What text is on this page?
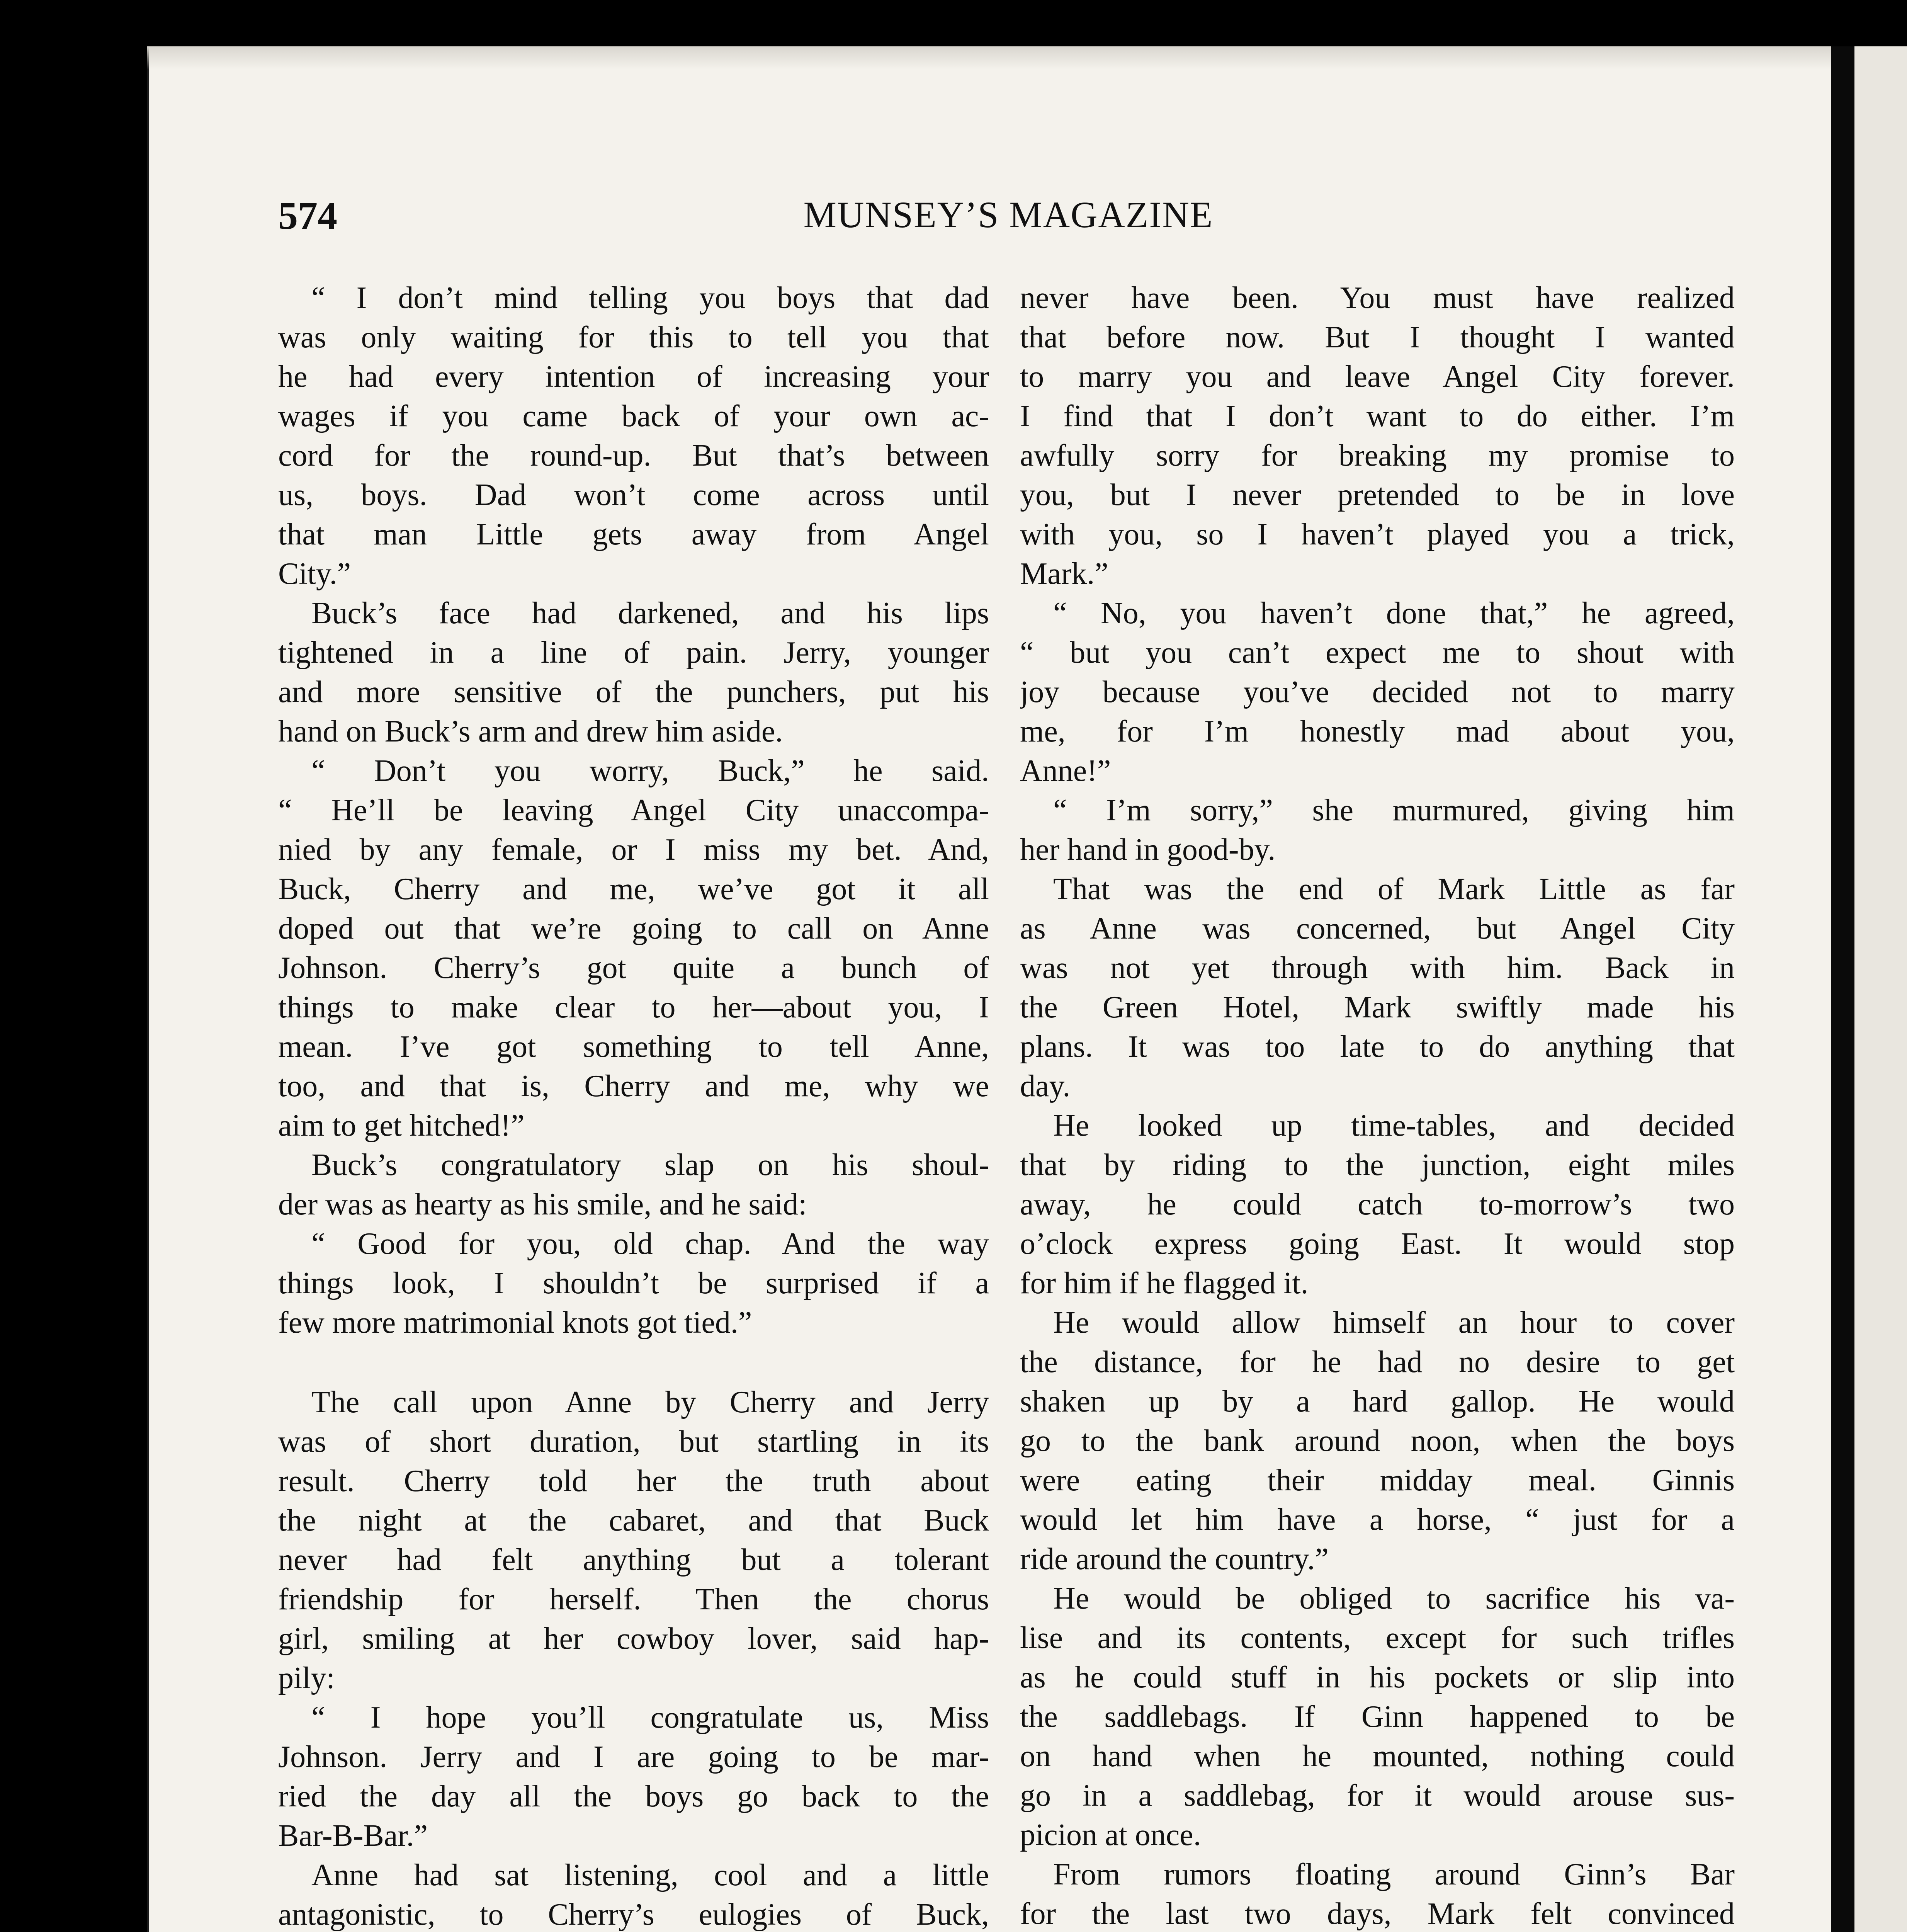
574	MUNSEY’S MAGAZINE
“ I don’t mind telling you boys that dad
was only waiting for this to tell you that
he had every intention of increasing your
wages if you came back of your own ac-
cord for the round-up. But that’s between
us, boys. Dad won’t come across until
that man Little gets away from Angel
City.”
Buck’s face had darkened, and his lips
tightened in a line of pain. Jerry, younger
and more sensitive of the punchers, put his
hand on Buck’s arm and drew him aside.
“ Don’t you worry, Buck,” he said.
“ He’ll be leaving Angel City unaccompa-
nied by any female, or I miss my bet. And,
Buck, Cherry and me, we’ve got it all
doped out that we’re going to call on Anne
Johnson. Cherry’s got quite a bunch of
things to make clear to her—about you, I
mean. I’ve got something to tell Anne,
too, and that is, Cherry and me, why we
aim to get hitched!”
Buck’s congratulatory slap on his shoul-
der was as hearty as his smile, and he said:
“ Good for you, old chap. And the way
things look, I shouldn’t be surprised if a
few more matrimonial knots got tied.”
The call upon Anne by Cherry and Jerry
was of short duration, but startling in its
result. Cherry told her the truth about
the night at the cabaret, and that Buck
never had felt anything but a tolerant
friendship for herself. Then the chorus
girl, smiling at her cowboy lover, said hap-
pily:
“ I hope you’ll congratulate us, Miss
Johnson. Jerry and I are going to be mar-
ried the day all the boys go back to the
Bar-B-Bar.”
Anne had sat listening, cool and a little
antagonistic, to Cherry’s eulogies of Buck,
never have been. You must have realized
that before now. But I thought I wanted
to marry you and leave Angel City forever.
I find that I don’t want to do either. I’m
awfully sorry for breaking my promise to
you, but I never pretended to be in love
with you, so I haven’t played you a trick,
Mark.”
“ No, you haven’t done that,” he agreed,
“ but you can’t expect me to shout with
joy because you’ve decided not to marry
me, for I’m honestly mad about you,
Anne!”
“ I’m sorry,” she murmured, giving him
her hand in good-by.
That was the end of Mark Little as far
as Anne was concerned, but Angel City
was not yet through with him. Back in
the Green Hotel, Mark swiftly made his
plans. It was too late to do anything that
day.
He looked up time-tables, and decided
that by riding to the junction, eight miles
away, he could catch to-morrow’s two
o’clock express going East. It would stop
for him if he flagged it.
He would allow himself an hour to cover
the distance, for he had no desire to get
shaken up by a hard gallop. He would
go to the bank around noon, when the boys
were eating their midday meal. Ginnis
would let him have a horse, “ just for a
ride around the country.”
He would be obliged to sacrifice his va-
lise and its contents, except for such trifles
as he could stuff in his pockets or slip into
the saddlebags. If Ginn happened to be
on hand when he mounted, nothing could
go in a saddlebag, for it would arouse sus-
picion at once.
From rumors floating around Ginn’s Bar
for the last two days, Mark felt convinced
